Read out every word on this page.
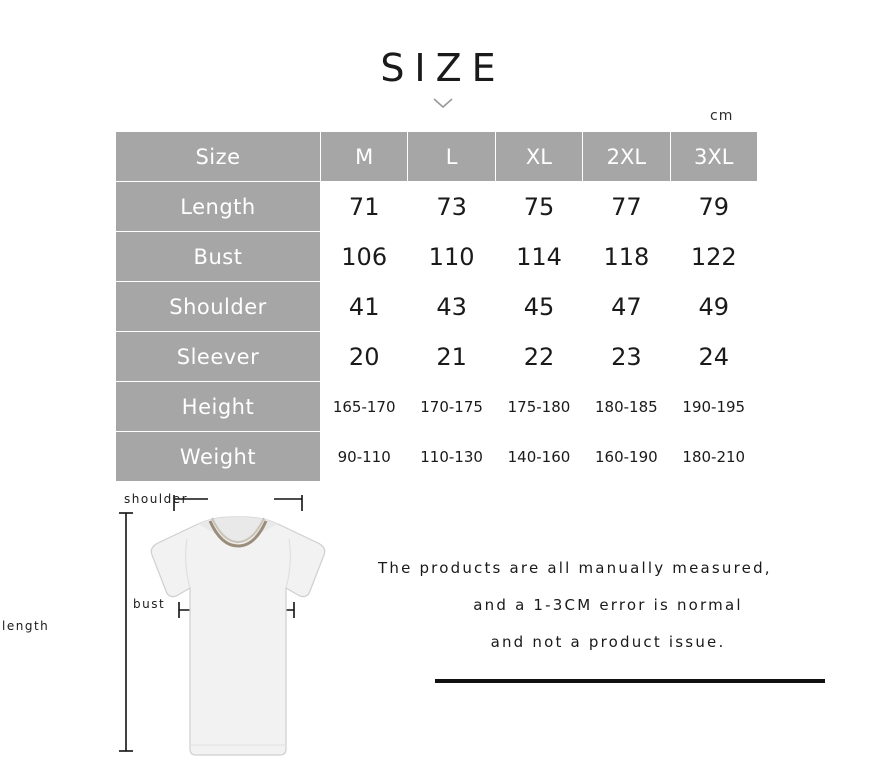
SIZE
cm
Size	M	L	XL	2XL	3XL
Length	71	73	75	77	79
Bust	106	110	114	118	122
Shoulder	41	43	45	47	49
Sleever	20	21	22	23	24
Height	165-170	170-175	175-180	180-185	190-195
Weight	90-110	110-130	140-160	160-190	180-210
shoulder
bust
length
The products are all manually measured,
and a 1-3CM error is normal
and not a product issue.
